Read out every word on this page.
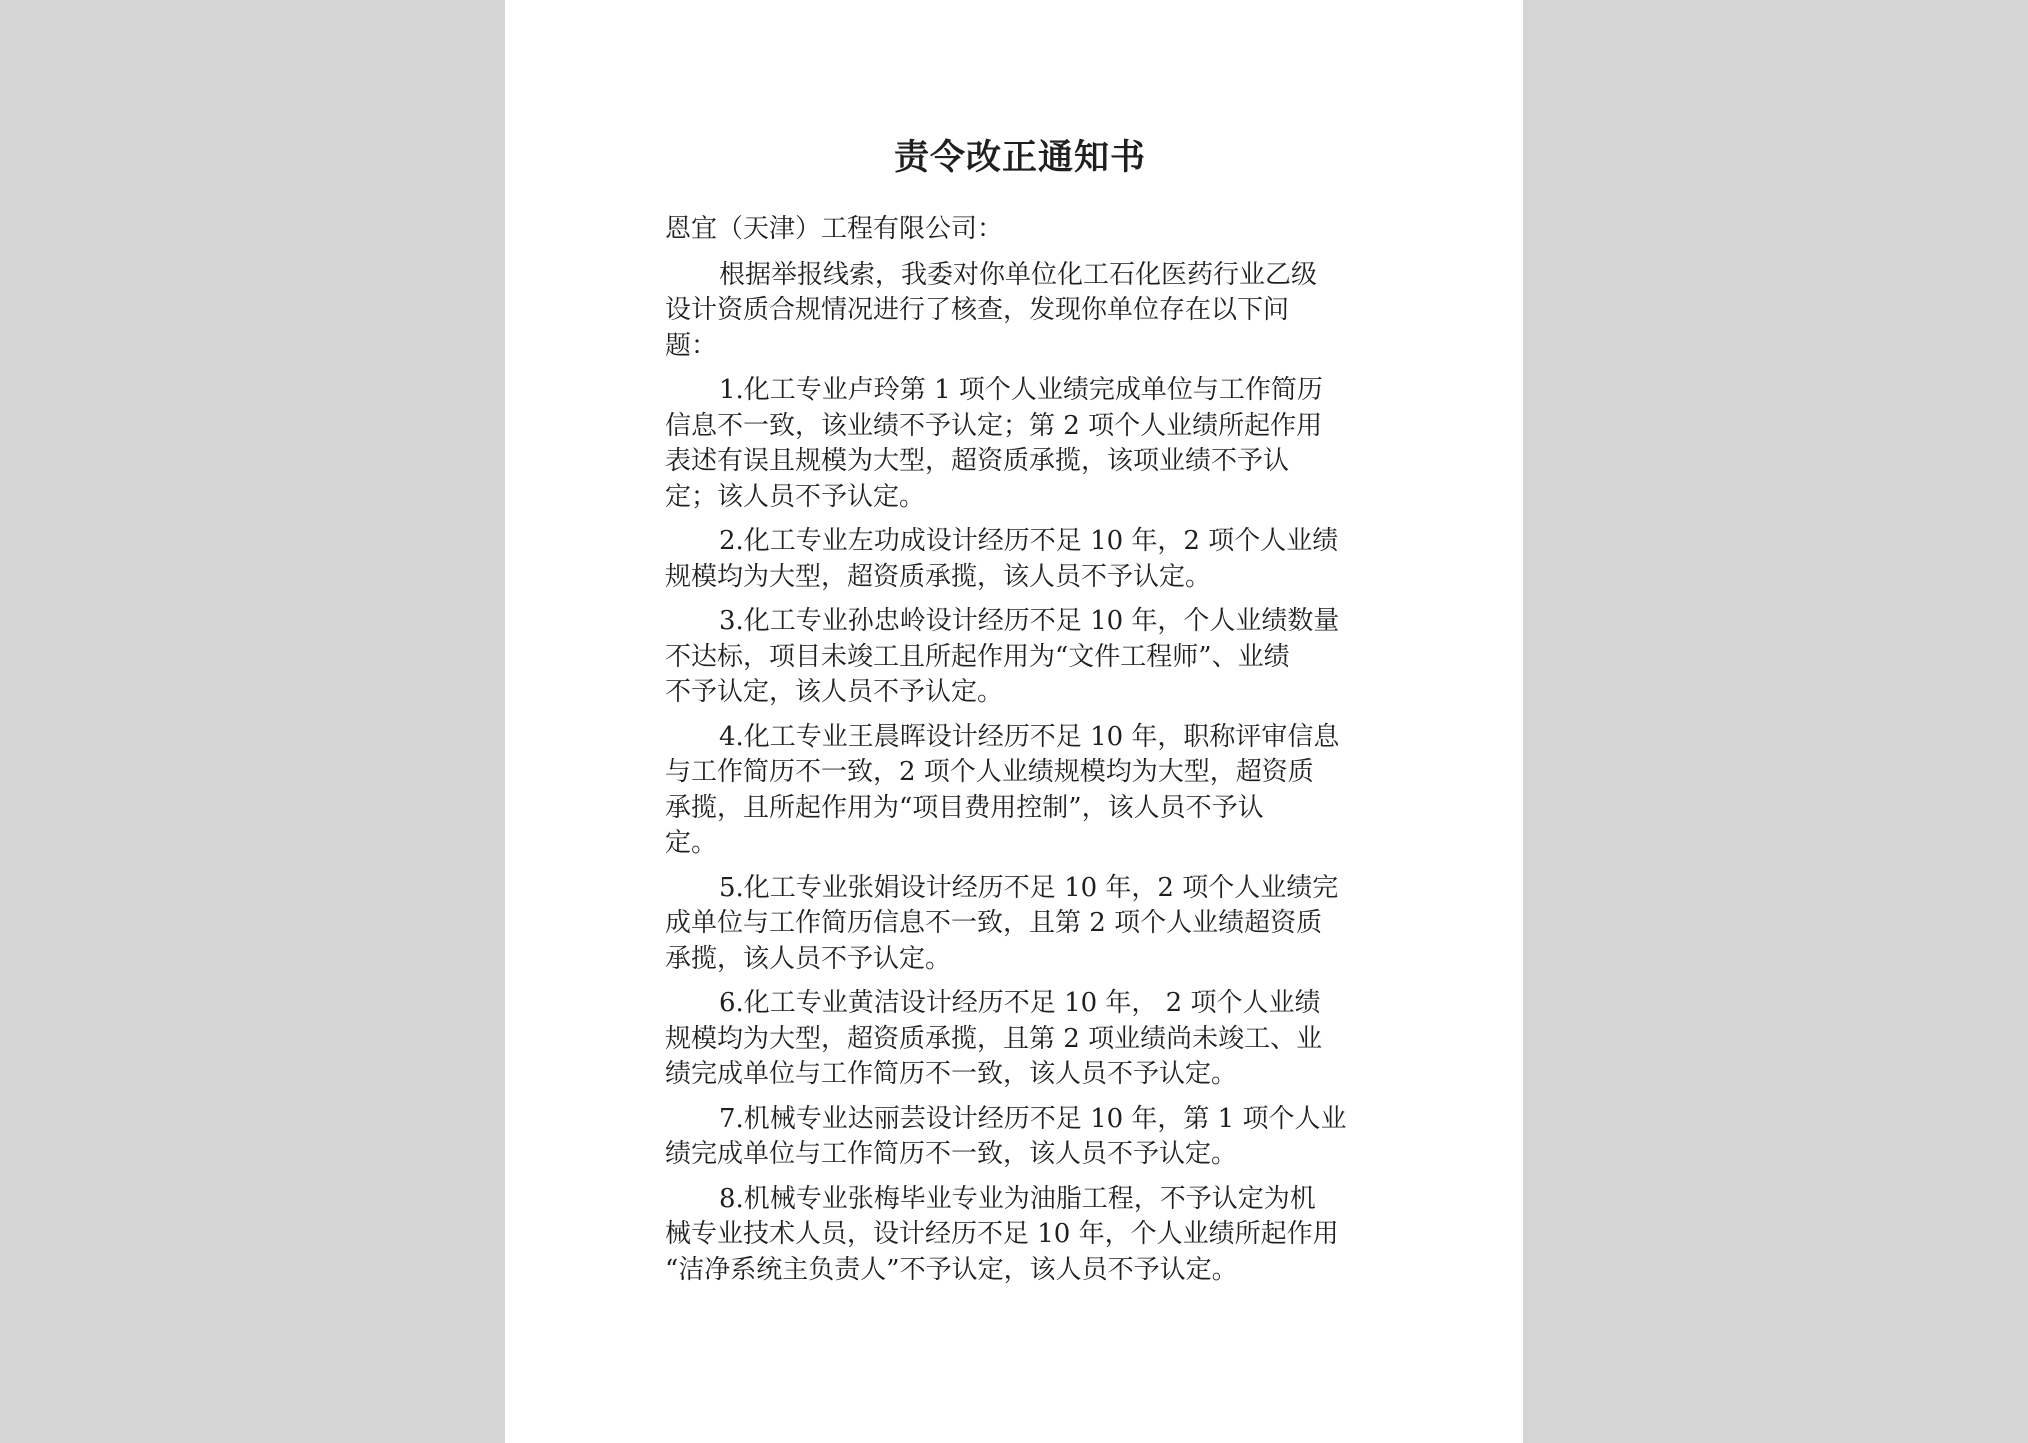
责令改正通知书

恩宜（天津）工程有限公司：

根据举报线索，我委对你单位化工石化医药行业乙级

设计资质合规情况进行了核查，发现你单位存在以下问

题：

1.化工专业卢玲第 1 项个人业绩完成单位与工作简历

信息不一致，该业绩不予认定；第 2 项个人业绩所起作用

表述有误且规模为大型，超资质承揽，该项业绩不予认

定；该人员不予认定。

2.化工专业左功成设计经历不足 10 年，2 项个人业绩

规模均为大型，超资质承揽，该人员不予认定。

3.化工专业孙忠岭设计经历不足 10 年，个人业绩数量

不达标，项目未竣工且所起作用为“文件工程师”、业绩

不予认定，该人员不予认定。

4.化工专业王晨晖设计经历不足 10 年，职称评审信息

与工作简历不一致，2 项个人业绩规模均为大型，超资质

承揽，且所起作用为“项目费用控制”，该人员不予认

定。

5.化工专业张娟设计经历不足 10 年，2 项个人业绩完

成单位与工作简历信息不一致，且第 2 项个人业绩超资质

承揽，该人员不予认定。

6.化工专业黄洁设计经历不足 10 年， 2 项个人业绩

规模均为大型，超资质承揽，且第 2 项业绩尚未竣工、业

绩完成单位与工作简历不一致，该人员不予认定。

7.机械专业达丽芸设计经历不足 10 年，第 1 项个人业

绩完成单位与工作简历不一致，该人员不予认定。

8.机械专业张梅毕业专业为油脂工程，不予认定为机

械专业技术人员，设计经历不足 10 年，个人业绩所起作用

“洁净系统主负责人”不予认定，该人员不予认定。
